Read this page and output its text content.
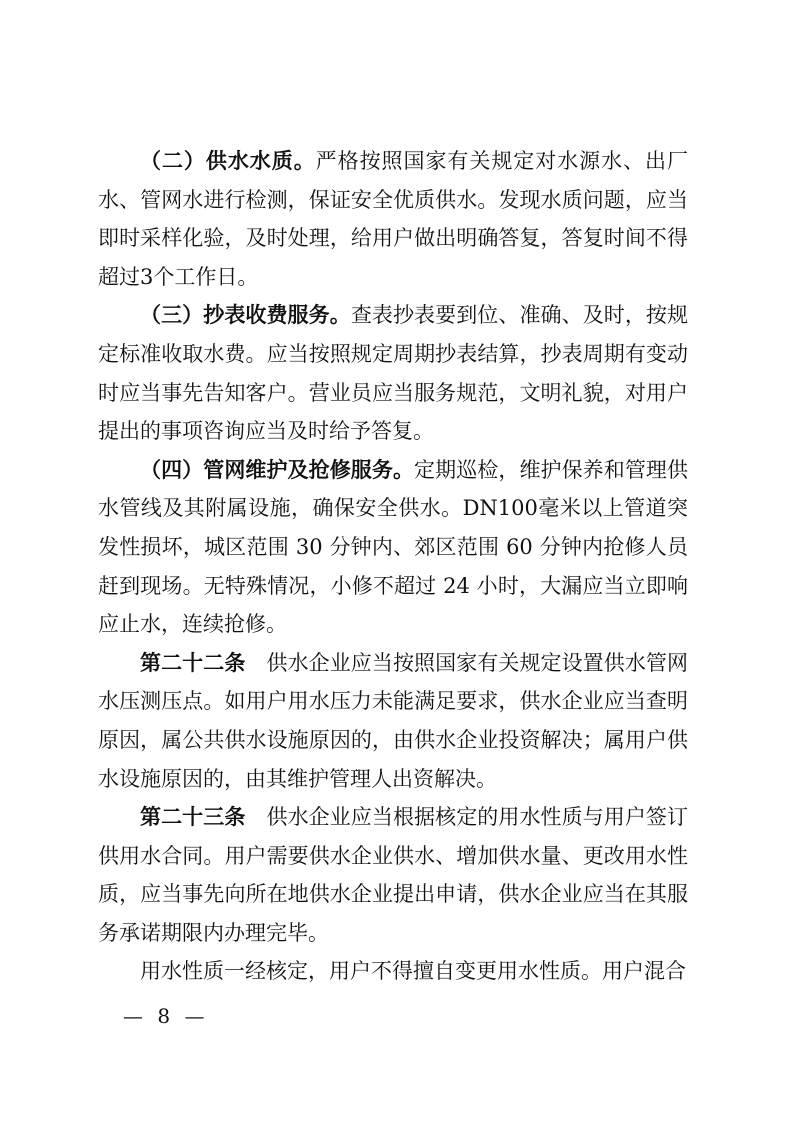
（二）供水水质。严格按照国家有关规定对水源水、出厂水、管网水进行检测，保证安全优质供水。发现水质问题，应当即时采样化验，及时处理，给用户做出明确答复，答复时间不得超过3个工作日。

（三）抄表收费服务。查表抄表要到位、准确、及时，按规定标准收取水费。应当按照规定周期抄表结算，抄表周期有变动时应当事先告知客户。营业员应当服务规范，文明礼貌，对用户提出的事项咨询应当及时给予答复。

（四）管网维护及抢修服务。定期巡检，维护保养和管理供水管线及其附属设施，确保安全供水。DN100毫米以上管道突发性损坏，城区范围 30 分钟内、郊区范围 60 分钟内抢修人员赶到现场。无特殊情况，小修不超过 24 小时，大漏应当立即响应止水，连续抢修。

第二十二条 供水企业应当按照国家有关规定设置供水管网水压测压点。如用户用水压力未能满足要求，供水企业应当查明原因，属公共供水设施原因的，由供水企业投资解决；属用户供水设施原因的，由其维护管理人出资解决。

第二十三条 供水企业应当根据核定的用水性质与用户签订供用水合同。用户需要供水企业供水、增加供水量、更改用水性质，应当事先向所在地供水企业提出申请，供水企业应当在其服务承诺期限内办理完毕。

用水性质一经核定，用户不得擅自变更用水性质。用户混合

— 8 —
